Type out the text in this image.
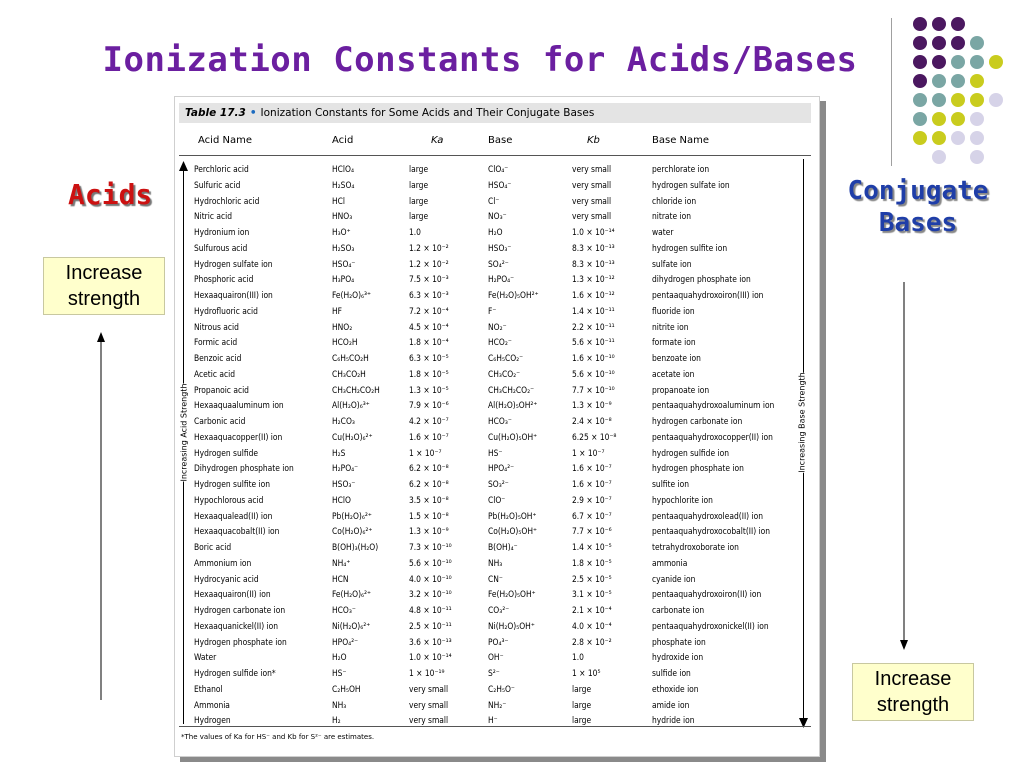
Ionization Constants for Acids/Bases
Acids	Conjugate
Bases
Increase
strength
Increase
strength
Table 17.3 • Ionization Constants for Some Acids and Their Conjugate Bases
Acid Name	Acid	Ka	Base	Kb	Base Name
Perchloric acid	HClO₄	large	ClO₄⁻	very small	perchlorate ion
Sulfuric acid	H₂SO₄	large	HSO₄⁻	very small	hydrogen sulfate ion
Hydrochloric acid	HCl	large	Cl⁻	very small	chloride ion
Nitric acid	HNO₃	large	NO₃⁻	very small	nitrate ion
Hydronium ion	H₃O⁺	1.0	H₂O	1.0 × 10⁻¹⁴	water
Sulfurous acid	H₂SO₃	1.2 × 10⁻²	HSO₃⁻	8.3 × 10⁻¹³	hydrogen sulfite ion
Hydrogen sulfate ion	HSO₄⁻	1.2 × 10⁻²	SO₄²⁻	8.3 × 10⁻¹³	sulfate ion
Phosphoric acid	H₃PO₄	7.5 × 10⁻³	H₂PO₄⁻	1.3 × 10⁻¹²	dihydrogen phosphate ion
Hexaaquairon(III) ion	Fe(H₂O)₆³⁺	6.3 × 10⁻³	Fe(H₂O)₅OH²⁺	1.6 × 10⁻¹²	pentaaquahydroxoiron(III) ion
Hydrofluoric acid	HF	7.2 × 10⁻⁴	F⁻	1.4 × 10⁻¹¹	fluoride ion
Nitrous acid	HNO₂	4.5 × 10⁻⁴	NO₂⁻	2.2 × 10⁻¹¹	nitrite ion
Formic acid	HCO₂H	1.8 × 10⁻⁴	HCO₂⁻	5.6 × 10⁻¹¹	formate ion
Benzoic acid	C₆H₅CO₂H	6.3 × 10⁻⁵	C₆H₅CO₂⁻	1.6 × 10⁻¹⁰	benzoate ion
Acetic acid	CH₃CO₂H	1.8 × 10⁻⁵	CH₃CO₂⁻	5.6 × 10⁻¹⁰	acetate ion
Propanoic acid	CH₃CH₂CO₂H	1.3 × 10⁻⁵	CH₃CH₂CO₂⁻	7.7 × 10⁻¹⁰	propanoate ion
Hexaaquaaluminum ion	Al(H₂O)₆³⁺	7.9 × 10⁻⁶	Al(H₂O)₅OH²⁺	1.3 × 10⁻⁹	pentaaquahydroxoaluminum ion
Carbonic acid	H₂CO₃	4.2 × 10⁻⁷	HCO₃⁻	2.4 × 10⁻⁸	hydrogen carbonate ion
Hexaaquacopper(II) ion	Cu(H₂O)₆²⁺	1.6 × 10⁻⁷	Cu(H₂O)₅OH⁺	6.25 × 10⁻⁸	pentaaquahydroxocopper(II) ion
Hydrogen sulfide	H₂S	1 × 10⁻⁷	HS⁻	1 × 10⁻⁷	hydrogen sulfide ion
Dihydrogen phosphate ion	H₂PO₄⁻	6.2 × 10⁻⁸	HPO₄²⁻	1.6 × 10⁻⁷	hydrogen phosphate ion
Hydrogen sulfite ion	HSO₃⁻	6.2 × 10⁻⁸	SO₃²⁻	1.6 × 10⁻⁷	sulfite ion
Hypochlorous acid	HClO	3.5 × 10⁻⁸	ClO⁻	2.9 × 10⁻⁷	hypochlorite ion
Hexaaqualead(II) ion	Pb(H₂O)₆²⁺	1.5 × 10⁻⁸	Pb(H₂O)₅OH⁺	6.7 × 10⁻⁷	pentaaquahydroxolead(II) ion
Hexaaquacobalt(II) ion	Co(H₂O)₆²⁺	1.3 × 10⁻⁹	Co(H₂O)₅OH⁺	7.7 × 10⁻⁶	pentaaquahydroxocobalt(II) ion
Boric acid	B(OH)₃(H₂O)	7.3 × 10⁻¹⁰	B(OH)₄⁻	1.4 × 10⁻⁵	tetrahydroxoborate ion
Ammonium ion	NH₄⁺	5.6 × 10⁻¹⁰	NH₃	1.8 × 10⁻⁵	ammonia
Hydrocyanic acid	HCN	4.0 × 10⁻¹⁰	CN⁻	2.5 × 10⁻⁵	cyanide ion
Hexaaquairon(II) ion	Fe(H₂O)₆²⁺	3.2 × 10⁻¹⁰	Fe(H₂O)₅OH⁺	3.1 × 10⁻⁵	pentaaquahydroxoiron(II) ion
Hydrogen carbonate ion	HCO₃⁻	4.8 × 10⁻¹¹	CO₃²⁻	2.1 × 10⁻⁴	carbonate ion
Hexaaquanickel(II) ion	Ni(H₂O)₆²⁺	2.5 × 10⁻¹¹	Ni(H₂O)₅OH⁺	4.0 × 10⁻⁴	pentaaquahydroxonickel(II) ion
Hydrogen phosphate ion	HPO₄²⁻	3.6 × 10⁻¹³	PO₄³⁻	2.8 × 10⁻²	phosphate ion
Water	H₂O	1.0 × 10⁻¹⁴	OH⁻	1.0	hydroxide ion
Hydrogen sulfide ion*	HS⁻	1 × 10⁻¹⁹	S²⁻	1 × 10⁵	sulfide ion
Ethanol	C₂H₅OH	very small	C₂H₅O⁻	large	ethoxide ion
Ammonia	NH₃	very small	NH₂⁻	large	amide ion
Hydrogen	H₂	very small	H⁻	large	hydride ion
Increasing Acid Strength	Increasing Base Strength
*The values of Ka for HS⁻ and Kb for S²⁻ are estimates.
